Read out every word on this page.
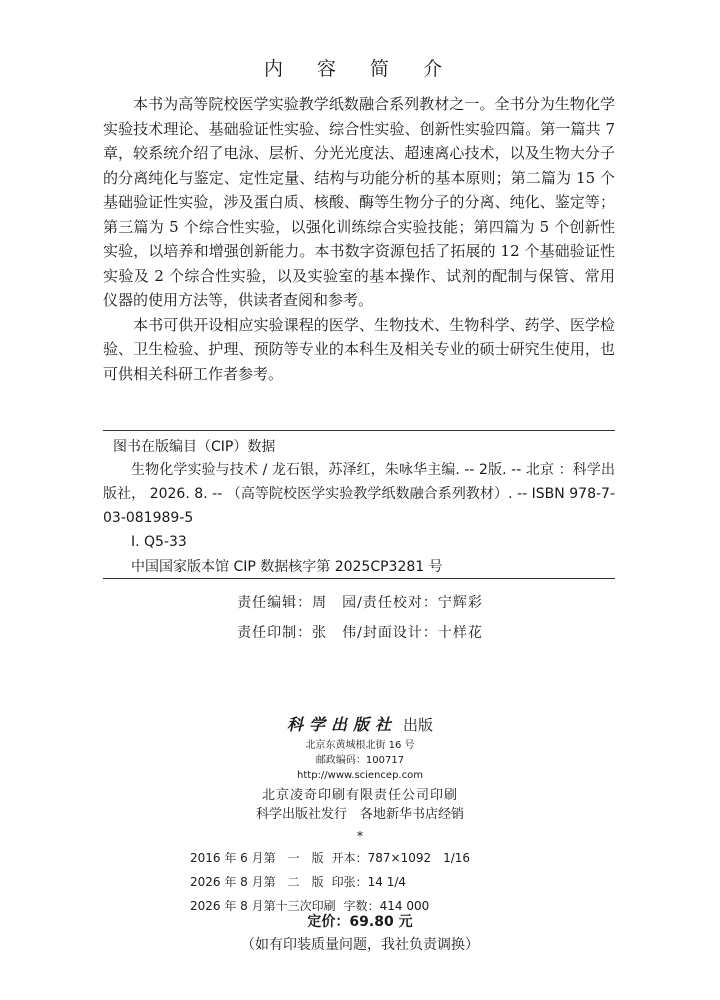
内 容 简 介

本书为高等院校医学实验教学纸数融合系列教材之一。全书分为生物化学实验技术理论、基础验证性实验、综合性实验、创新性实验四篇。第一篇共 7 章，较系统介绍了电泳、层析、分光光度法、超速离心技术，以及生物大分子的分离纯化与鉴定、定性定量、结构与功能分析的基本原则；第二篇为 15 个基础验证性实验，涉及蛋白质、核酸、酶等生物分子的分离、纯化、鉴定等；第三篇为 5 个综合性实验，以强化训练综合实验技能；第四篇为 5 个创新性实验，以培养和增强创新能力。本书数字资源包括了拓展的 12 个基础验证性实验及 2 个综合性实验，以及实验室的基本操作、试剂的配制与保管、常用仪器的使用方法等，供读者查阅和参考。

本书可供开设相应实验课程的医学、生物技术、生物科学、药学、医学检验、卫生检验、护理、预防等专业的本科生及相关专业的硕士研究生使用，也可供相关科研工作者参考。

图书在版编目（CIP）数据

生物化学实验与技术 / 龙石银，苏泽红，朱咏华主编. -- 2版. -- 北京 ：科学出版社， 2026. 8. -- （高等院校医学实验教学纸数融合系列教材）. -- ISBN 978-7-03-081989-5

Ⅰ. Q5-33
中国国家版本馆 CIP 数据核字第 2025CP3281 号
责任编辑：周　园/责任校对：宁辉彩
责任印制：张　伟/封面设计：十样花
科学出版社 出版
北京东黄城根北街 16 号
邮政编码：100717
http://www.sciencep.com
北京凌奇印刷有限责任公司印刷
科学出版社发行　各地新华书店经销
*
2016 年 6 月第　一　版 开本：787×1092　1/16
2026 年 8 月第　二　版 印张：14 1/4
2026 年 8 月第十三次印刷 字数：414 000
定价：69.80 元
（如有印装质量问题，我社负责调换）
